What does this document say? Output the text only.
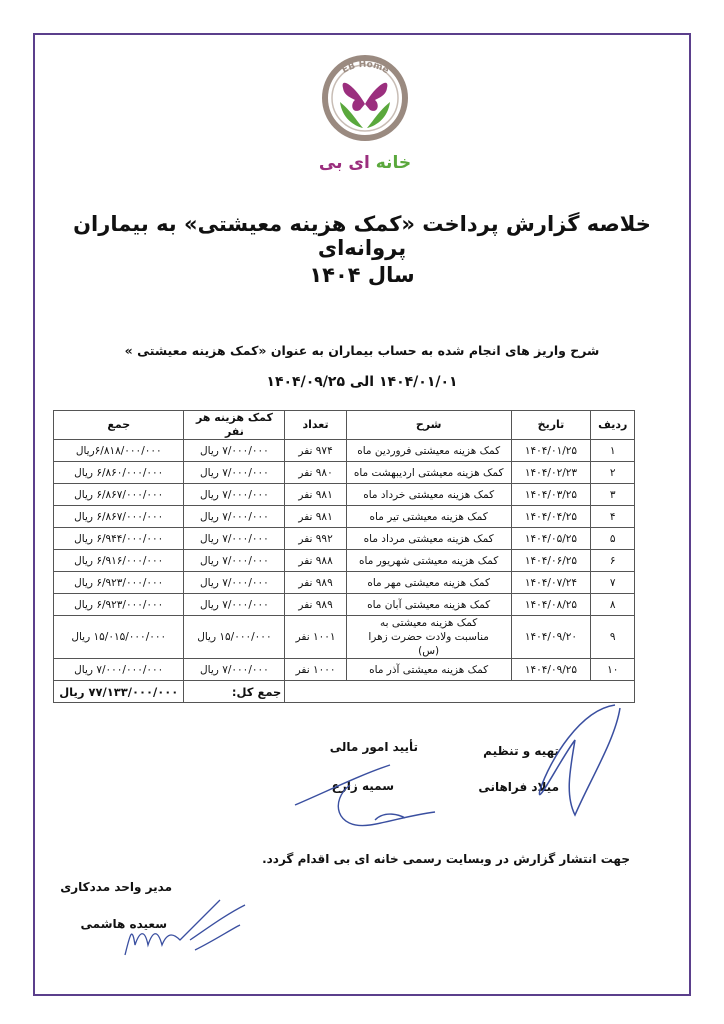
EB Home
خانه ای بی
خلاصه گزارش پرداخت «کمک هزینه معیشتی» به بیماران پروانه‌ای
سال ۱۴۰۴
شرح واریز های انجام شده به حساب بیماران به عنوان «کمک هزینه معیشتی »
۱۴۰۴/۰۱/۰۱ الی ۱۴۰۴/۰۹/۲۵
ردیف	تاریخ	شرح	تعداد	کمک هزینه هر نفر	جمع
۱	۱۴۰۴/۰۱/۲۵	کمک هزینه معیشتی فروردین ماه	۹۷۴ نفر	۷/۰۰۰/۰۰۰ ریال	۶/۸۱۸/۰۰۰/۰۰۰ریال
۲	۱۴۰۴/۰۲/۲۳	کمک هزینه معیشتی اردیبهشت ماه	۹۸۰ نفر	۷/۰۰۰/۰۰۰ ریال	۶/۸۶۰/۰۰۰/۰۰۰ ریال
۳	۱۴۰۴/۰۳/۲۵	کمک هزینه معیشتی خرداد ماه	۹۸۱ نفر	۷/۰۰۰/۰۰۰ ریال	۶/۸۶۷/۰۰۰/۰۰۰ ریال
۴	۱۴۰۴/۰۴/۲۵	کمک هزینه معیشتی تیر ماه	۹۸۱ نفر	۷/۰۰۰/۰۰۰ ریال	۶/۸۶۷/۰۰۰/۰۰۰ ریال
۵	۱۴۰۴/۰۵/۲۵	کمک هزینه معیشتی مرداد ماه	۹۹۲ نفر	۷/۰۰۰/۰۰۰ ریال	۶/۹۴۴/۰۰۰/۰۰۰ ریال
۶	۱۴۰۴/۰۶/۲۵	کمک هزینه معیشتی شهریور ماه	۹۸۸ نفر	۷/۰۰۰/۰۰۰ ریال	۶/۹۱۶/۰۰۰/۰۰۰ ریال
۷	۱۴۰۴/۰۷/۲۴	کمک هزینه معیشتی مهر ماه	۹۸۹ نفر	۷/۰۰۰/۰۰۰ ریال	۶/۹۲۳/۰۰۰/۰۰۰ ریال
۸	۱۴۰۴/۰۸/۲۵	کمک هزینه معیشتی آبان ماه	۹۸۹ نفر	۷/۰۰۰/۰۰۰ ریال	۶/۹۲۳/۰۰۰/۰۰۰ ریال
۹	۱۴۰۴/۰۹/۲۰	کمک هزینه معیشتی به مناسبت ولادت حضرت زهرا (س)	۱۰۰۱ نفر	۱۵/۰۰۰/۰۰۰ ریال	۱۵/۰۱۵/۰۰۰/۰۰۰ ریال
۱۰	۱۴۰۴/۰۹/۲۵	کمک هزینه معیشتی آذر ماه	۱۰۰۰ نفر	۷/۰۰۰/۰۰۰ ریال	۷/۰۰۰/۰۰۰/۰۰۰ ریال
				جمع کل:	۷۷/۱۳۳/۰۰۰/۰۰۰ ریال
تهیه و تنظیم
میلاد فراهانی
تأیید امور مالی
سمیه زارع
جهت انتشار گزارش در وبسایت رسمی خانه ای بی اقدام گردد.
مدیر واحد مددکاری
سعیده هاشمی
